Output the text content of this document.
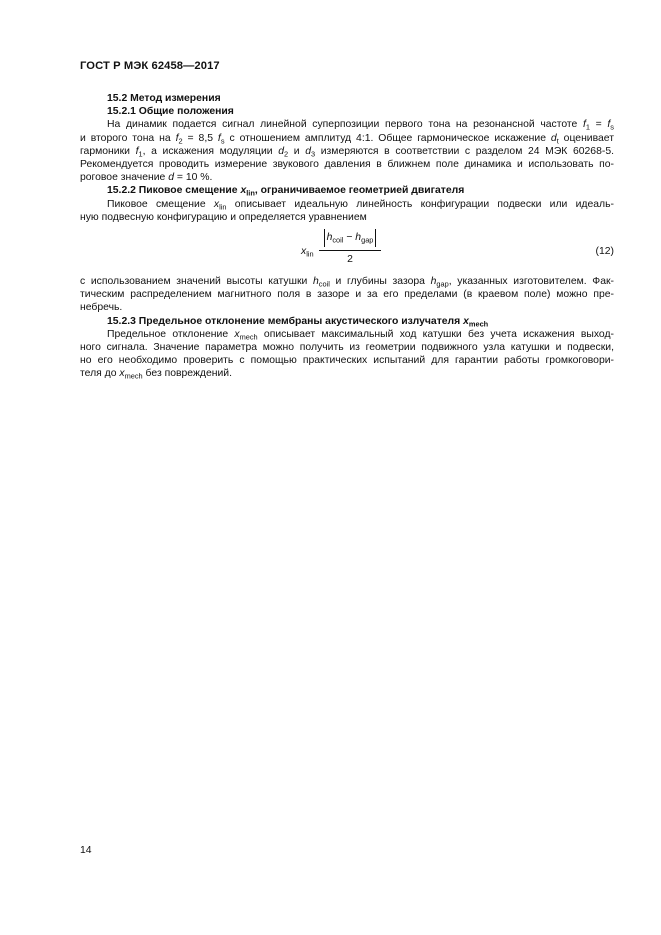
ГОСТ Р МЭК 62458—2017

15.2 Метод измерения

15.2.1 Общие положения

На динамик подается сигнал линейной суперпозиции первого тона на резонансной частоте $f_1 = f_s$

и второго тона на $f_2 = 8,5$ $f_s$ с отношением амплитуд 4:1. Общее гармоническое искажение $d_t$ оценивает

гармоники $f_1$, а искажения модуляции $d_2$ и $d_3$ измеряются в соответствии с разделом 24 МЭК 60268-5.

Рекомендуется проводить измерение звукового давления в ближнем поле динамика и использовать по-

роговое значение d = 10 %.

15.2.2 Пиковое смещение $x_{lin}$, ограничиваемое геометрией двигателя

Пиковое смещение $x_{lin}$ описывает идеальную линейность конфигурации подвески или идеаль-

ную подвесную конфигурацию и определяется уравнением

$x_{lin}$
$h_{coil} - h_{gap}$
2
(12)

с использованием значений высоты катушки $h_{coil}$ и глубины зазора $h_{gap}$, указанных изготовителем. Фак-

тическим распределением магнитного поля в зазоре и за его пределами (в краевом поле) можно пре-

небречь.

15.2.3 Предельное отклонение мембраны акустического излучателя $x_{mech}$

Предельное отклонение $x_{mech}$ описывает максимальный ход катушки без учета искажения выход-

ного сигнала. Значение параметра можно получить из геометрии подвижного узла катушки и подвески,

но его необходимо проверить с помощью практических испытаний для гарантии работы громкоговори-

теля до $x_{mech}$ без повреждений.

14
